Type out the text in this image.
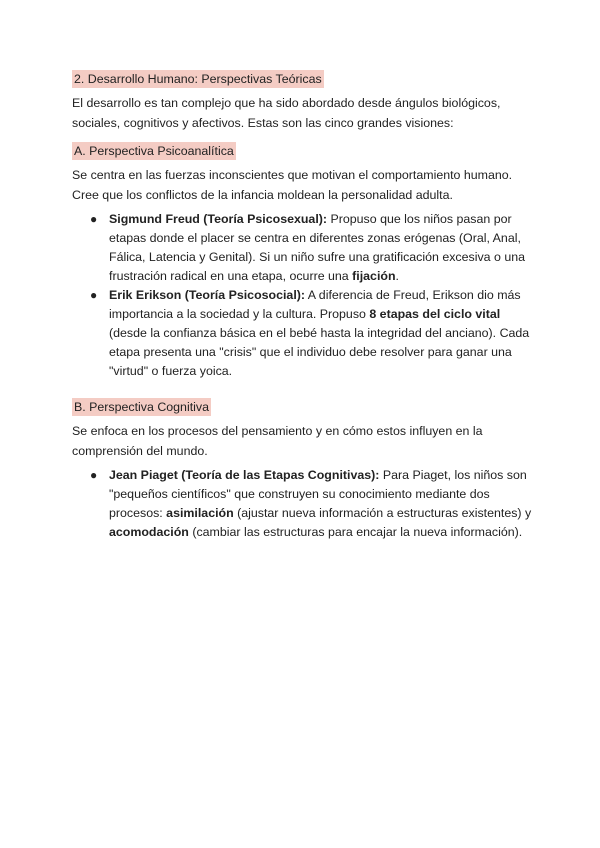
2. Desarrollo Humano: Perspectivas Teóricas

El desarrollo es tan complejo que ha sido abordado desde ángulos biológicos, sociales, cognitivos y afectivos. Estas son las cinco grandes visiones:

A. Perspectiva Psicoanalítica

Se centra en las fuerzas inconscientes que motivan el comportamiento humano. Cree que los conflictos de la infancia moldean la personalidad adulta.

● Sigmund Freud (Teoría Psicosexual): Propuso que los niños pasan por etapas donde el placer se centra en diferentes zonas erógenas (Oral, Anal, Fálica, Latencia y Genital). Si un niño sufre una gratificación excesiva o una frustración radical en una etapa, ocurre una fijación.
● Erik Erikson (Teoría Psicosocial): A diferencia de Freud, Erikson dio más importancia a la sociedad y la cultura. Propuso 8 etapas del ciclo vital (desde la confianza básica en el bebé hasta la integridad del anciano). Cada etapa presenta una "crisis" que el individuo debe resolver para ganar una "virtud" o fuerza yoica.
B. Perspectiva Cognitiva

Se enfoca en los procesos del pensamiento y en cómo estos influyen en la comprensión del mundo.

● Jean Piaget (Teoría de las Etapas Cognitivas): Para Piaget, los niños son "pequeños científicos" que construyen su conocimiento mediante dos procesos: asimilación (ajustar nueva información a estructuras existentes) y acomodación (cambiar las estructuras para encajar la nueva información).
